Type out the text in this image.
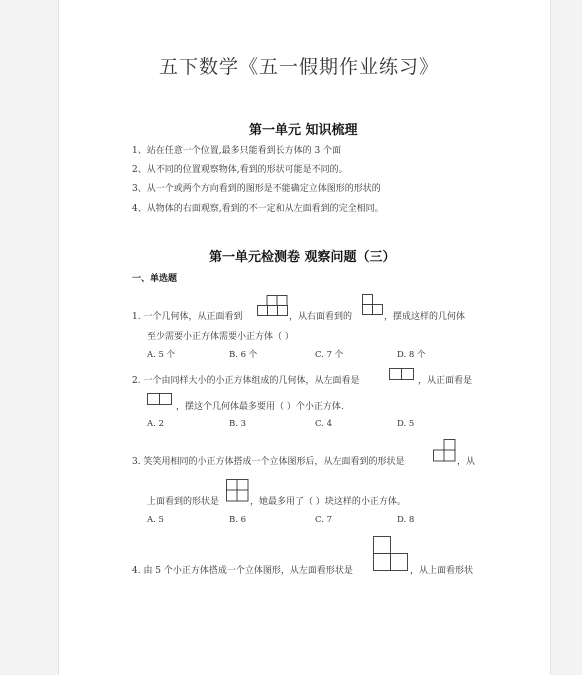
五下数学《五一假期作业练习》
第一单元 知识梳理
1、站在任意一个位置,最多只能看到长方体的 3 个面
2、从不同的位置观察物体,看到的形状可能是不同的。
3、从一个或两个方向看到的图形是不能确定立体图形的形状的
4、从物体的右面观察,看到的不一定和从左面看到的完全相同。
第一单元检测卷 观察问题（三）
一、单选题
1. 一个几何体，从正面看到	，从右面看到的	，摆成这样的几何体
至少需要小正方体需要小正方体（ ）
A. 5 个	B. 6 个	C. 7 个	D. 8 个
2. 一个由同样大小的小正方体组成的几何体，从左面看是	，从正面看是
，摆这个几何体最多要用（ ）个小正方体.
A. 2	B. 3	C. 4	D. 5
3. 笑笑用相同的小正方体搭成一个立体图形后，从左面看到的形状是	，从
上面看到的形状是	，她最多用了（ ）块这样的小正方体。
A. 5	B. 6	C. 7	D. 8
4. 由 5 个小正方体搭成一个立体图形，从左面看形状是	，从上面看形状
